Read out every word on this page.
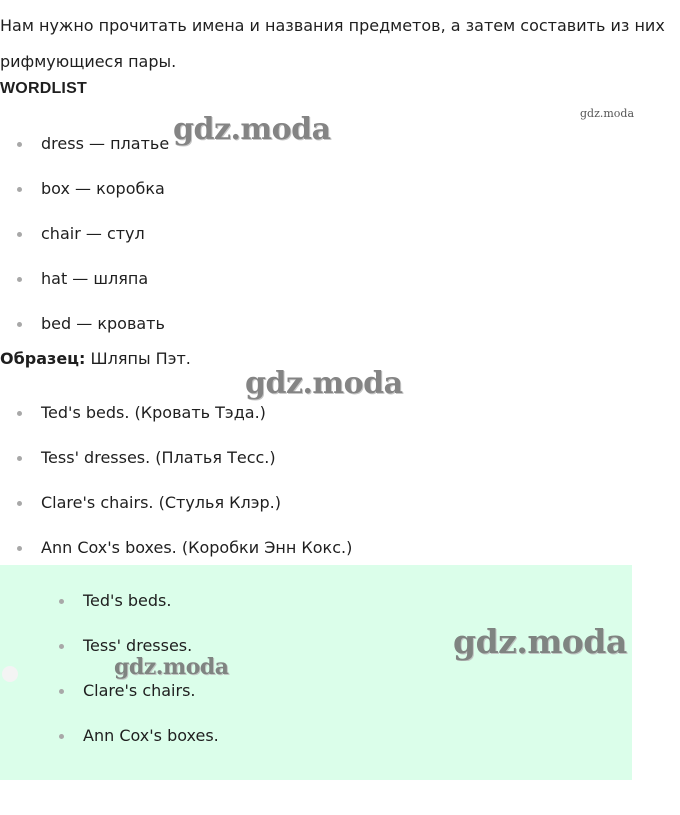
Нам нужно прочитать имена и названия предметов, а затем составить из них рифмующиеся пары.

WORDLIST

dress — платье
box — коробка
chair — стул
hat — шляпа
bed — кровать

Образец: Шляпы Пэт.

Ted's beds. (Кровать Тэда.)
Tess' dresses. (Платья Тесс.)
Clare's chairs. (Стулья Клэр.)
Ann Cox's boxes. (Коробки Энн Кокс.)
Ted's beds.
Tess' dresses.
Clare's chairs.
Ann Cox's boxes.
gdz.moda
gdz.moda
gdz.moda
gdz.moda
gdz.moda
